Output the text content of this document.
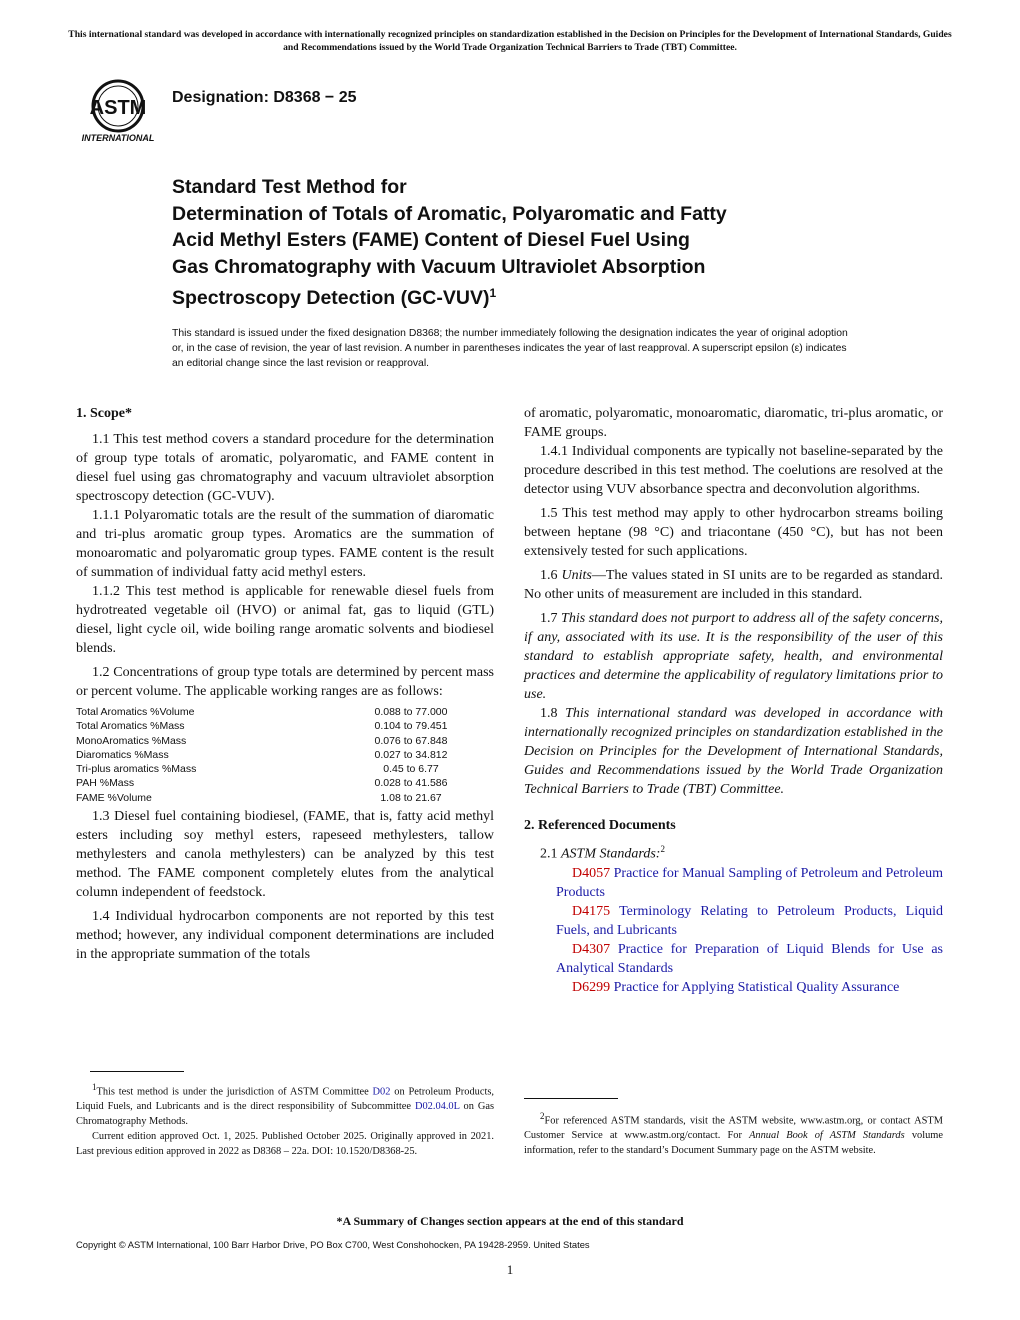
This international standard was developed in accordance with internationally recognized principles on standardization established in the Decision on Principles for the Development of International Standards, Guides and Recommendations issued by the World Trade Organization Technical Barriers to Trade (TBT) Committee.
ASTM
INTERNATIONAL
Designation: D8368 − 25
Standard Test Method for
Determination of Totals of Aromatic, Polyaromatic and Fatty
Acid Methyl Esters (FAME) Content of Diesel Fuel Using
Gas Chromatography with Vacuum Ultraviolet Absorption
Spectroscopy Detection $(GC-VUV)^1$
This standard is issued under the fixed designation D8368; the number immediately following the designation indicates the year of original adoption or, in the case of revision, the year of last revision. A number in parentheses indicates the year of last reapproval. A superscript epsilon (ε) indicates an editorial change since the last revision or reapproval.

1. Scope*

1.1 This test method covers a standard procedure for the determination of group type totals of aromatic, polyaromatic, and FAME content in diesel fuel using gas chromatography and vacuum ultraviolet absorption spectroscopy detection (GC-VUV).

1.1.1 Polyaromatic totals are the result of the summation of diaromatic and tri-plus aromatic group types. Aromatics are the summation of monoaromatic and polyaromatic group types. FAME content is the result of summation of individual fatty acid methyl esters.

1.1.2 This test method is applicable for renewable diesel fuels from hydrotreated vegetable oil (HVO) or animal fat, gas to liquid (GTL) diesel, light cycle oil, wide boiling range aromatic solvents and biodiesel blends.

1.2 Concentrations of group type totals are determined by percent mass or percent volume. The applicable working ranges are as follows:

Total Aromatics %Volume	0.088 to 77.000
Total Aromatics %Mass	0.104 to 79.451
MonoAromatics %Mass	0.076 to 67.848
Diaromatics %Mass	0.027 to 34.812
Tri-plus aromatics %Mass	0.45 to 6.77
PAH %Mass	0.028 to 41.586
FAME %Volume	1.08 to 21.67

1.3 Diesel fuel containing biodiesel, (FAME, that is, fatty acid methyl esters including soy methyl esters, rapeseed methylesters, tallow methylesters and canola methylesters) can be analyzed by this test method. The FAME component completely elutes from the analytical column independent of feedstock.

1.4 Individual hydrocarbon components are not reported by this test method; however, any individual component determinations are included in the appropriate summation of the totals

$^1$This test method is under the jurisdiction of ASTM Committee D02 on Petroleum Products, Liquid Fuels, and Lubricants and is the direct responsibility of Subcommittee D02.04.0L on Gas Chromatography Methods.

Current edition approved Oct. 1, 2025. Published October 2025. Originally approved in 2021. Last previous edition approved in 2022 as D8368 – 22a. DOI: 10.1520/D8368-25.

of aromatic, polyaromatic, monoaromatic, diaromatic, tri-plus aromatic, or FAME groups.

1.4.1 Individual components are typically not baseline-separated by the procedure described in this test method. The coelutions are resolved at the detector using VUV absorbance spectra and deconvolution algorithms.

1.5 This test method may apply to other hydrocarbon streams boiling between heptane (98 °C) and triacontane (450 °C), but has not been extensively tested for such applications.

1.6 Units—The values stated in SI units are to be regarded as standard. No other units of measurement are included in this standard.

1.7 This standard does not purport to address all of the safety concerns, if any, associated with its use. It is the responsibility of the user of this standard to establish appropriate safety, health, and environmental practices and determine the applicability of regulatory limitations prior to use.

1.8 This international standard was developed in accordance with internationally recognized principles on standardization established in the Decision on Principles for the Development of International Standards, Guides and Recommendations issued by the World Trade Organization Technical Barriers to Trade (TBT) Committee.

2. Referenced Documents

2.1 ASTM Standards:$^2$

D4057 Practice for Manual Sampling of Petroleum and Petroleum Products

D4175 Terminology Relating to Petroleum Products, Liquid Fuels, and Lubricants

D4307 Practice for Preparation of Liquid Blends for Use as Analytical Standards

D6299 Practice for Applying Statistical Quality Assurance

$^2$For referenced ASTM standards, visit the ASTM website, www.astm.org, or contact ASTM Customer Service at www.astm.org/contact. For Annual Book of ASTM Standards volume information, refer to the standard’s Document Summary page on the ASTM website.

*A Summary of Changes section appears at the end of this standard
Copyright © ASTM International, 100 Barr Harbor Drive, PO Box C700, West Conshohocken, PA 19428-2959. United States
1
